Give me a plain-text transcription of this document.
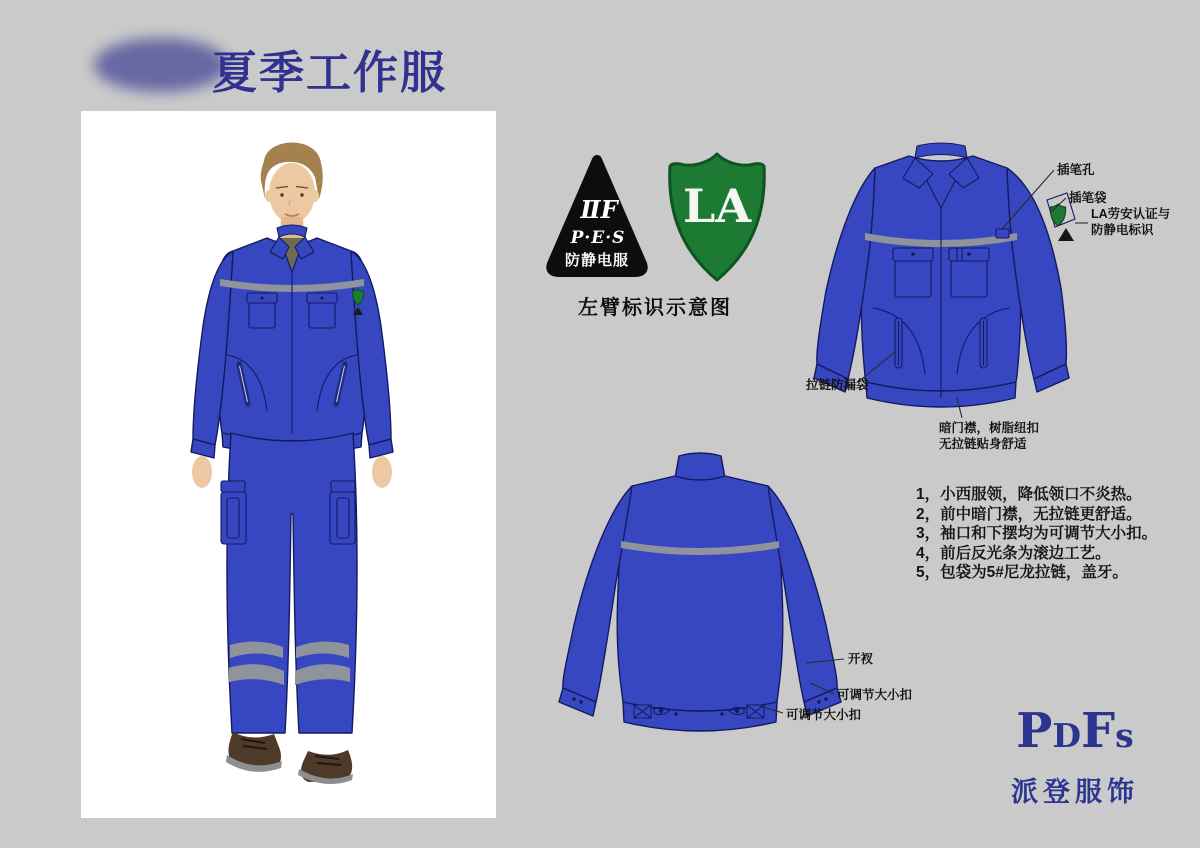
夏季工作服
ⅡF
P·E·S
防静电服
LA
左臂标识示意图
插笔孔
插笔袋
LA劳安认证与
防静电标识
拉链防漏袋
暗门襟，树脂纽扣
无拉链贴身舒适
开衩
可调节大小扣
可调节大小扣
1，小西服领，降低领口不炎热。
2，前中暗门襟，无拉链更舒适。
3，袖口和下摆均为可调节大小扣。
4，前后反光条为滚边工艺。
5，包袋为5#尼龙拉链，盖牙。
PDFs
派登服饰
